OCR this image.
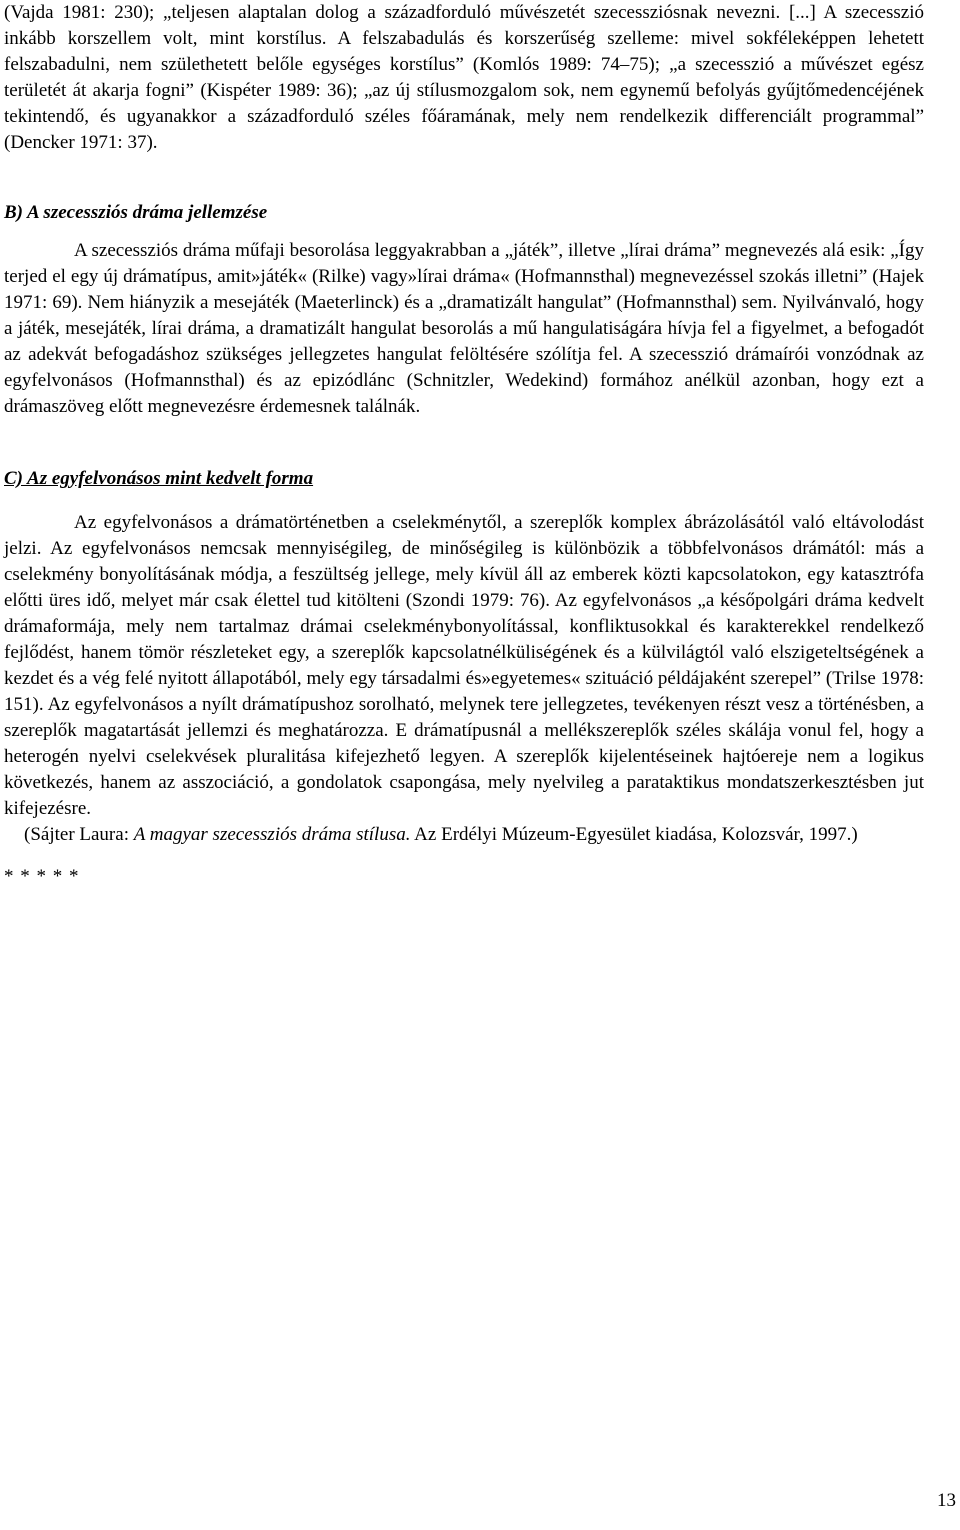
(Vajda 1981: 230); „teljesen alaptalan dolog a századforduló művészetét szecessziósnak nevezni. [...] A szecesszió inkább korszellem volt, mint korstílus. A felszabadulás és korszerűség szelleme: mivel sokféleképpen lehetett felszabadulni, nem születhetett belőle egységes korstílus” (Komlós 1989: 74–75); „a szecesszió a művészet egész területét át akarja fogni” (Kispéter 1989: 36); „az új stílusmozgalom sok, nem egynemű befolyás gyűjtőmedencéjének tekintendő, és ugyanakkor a századforduló széles főáramának, mely nem rendelkezik differenciált programmal” (Dencker 1971: 37).

B) A szecessziós dráma jellemzése

A szecessziós dráma műfaji besorolása leggyakrabban a „játék”, illetve „lírai dráma” megnevezés alá esik: „Így terjed el egy új drámatípus, amit»játék« (Rilke) vagy»lírai dráma« (Hofmannsthal) megnevezéssel szokás illetni” (Hajek 1971: 69). Nem hiányzik a mesejáték (Maeterlinck) és a „dramatizált hangulat” (Hofmannsthal) sem. Nyilvánvaló, hogy a játék, mesejáték, lírai dráma, a dramatizált hangulat besorolás a mű hangulatiságára hívja fel a figyelmet, a befogadót az adekvát befogadáshoz szükséges jellegzetes hangulat felöltésére szólítja fel. A szecesszió drámaírói vonzódnak az egyfelvonásos (Hofmannsthal) és az epizódlánc (Schnitzler, Wedekind) formához anélkül azonban, hogy ezt a drámaszöveg előtt megnevezésre érdemesnek találnák.

C) Az egyfelvonásos mint kedvelt forma

Az egyfelvonásos a drámatörténetben a cselekménytől, a szereplők komplex ábrázolásától való eltávolodást jelzi. Az egyfelvonásos nemcsak mennyiségileg, de minőségileg is különbözik a többfelvonásos drámától: más a cselekmény bonyolításának módja, a feszültség jellege, mely kívül áll az emberek közti kapcsolatokon, egy katasztrófa előtti üres idő, melyet már csak élettel tud kitölteni (Szondi 1979: 76). Az egyfelvonásos „a későpolgári dráma kedvelt drámaformája, mely nem tartalmaz drámai cselekménybonyolítással, konfliktusokkal és karakterekkel rendelkező fejlődést, hanem tömör részleteket egy, a szereplők kapcsolatnélküliségének és a külvilágtól való elszigeteltségének a kezdet és a vég felé nyitott állapotából, mely egy társadalmi és»egyetemes« szituáció példájaként szerepel” (Trilse 1978: 151). Az egyfelvonásos a nyílt drámatípushoz sorolható, melynek tere jellegzetes, tevékenyen részt vesz a történésben, a szereplők magatartását jellemzi és meghatározza. E drámatípusnál a mellékszereplők széles skálája vonul fel, hogy a heterogén nyelvi cselekvések pluralitása kifejezhető legyen. A szereplők kijelentéseinek hajtóereje nem a logikus következés, hanem az asszociáció, a gondolatok csapongása, mely nyelvileg a parataktikus mondatszerkesztésben jut kifejezésre.

(Sájter Laura: A magyar szecessziós dráma stílusa. Az Erdélyi Múzeum-Egyesület kiadása, Kolozsvár, 1997.)

* * * * *
13
